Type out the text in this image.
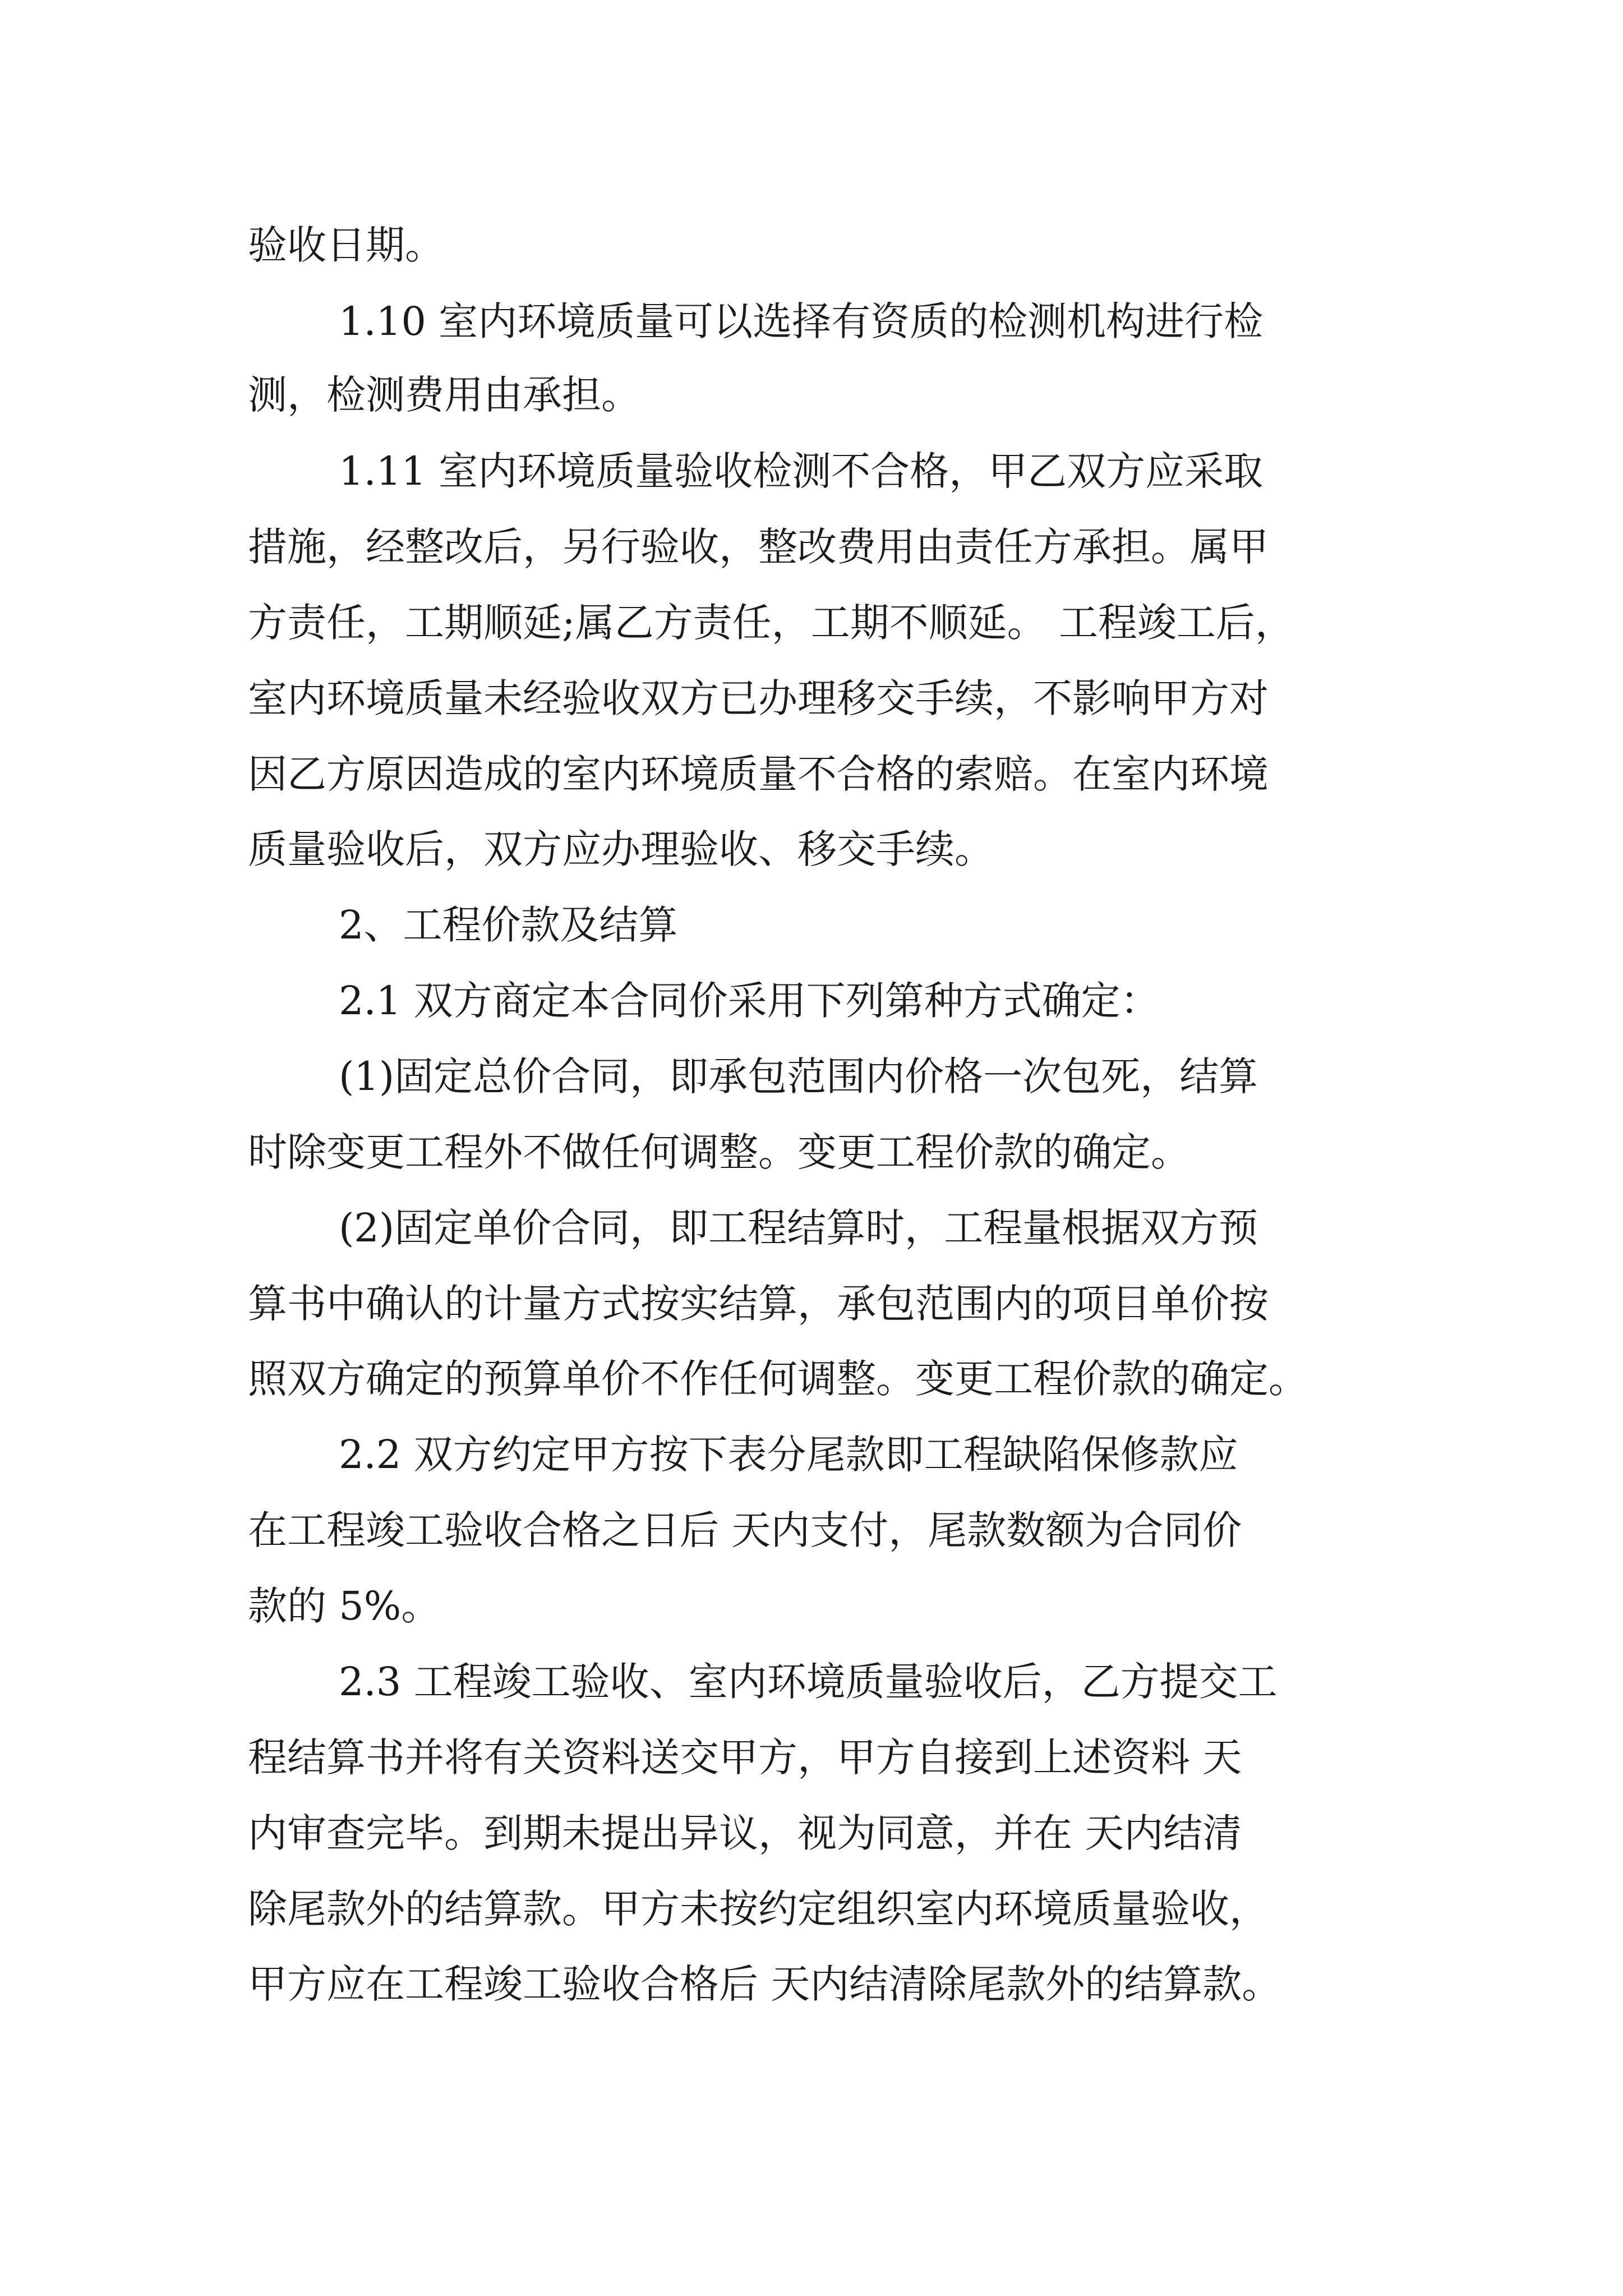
验收日期。
1.10 室内环境质量可以选择有资质的检测机构进行检
测，检测费用由承担。
1.11 室内环境质量验收检测不合格，甲乙双方应采取
措施，经整改后，另行验收，整改费用由责任方承担。属甲
方责任，工期顺延;属乙方责任，工期不顺延。 工程竣工后，
室内环境质量未经验收双方已办理移交手续，不影响甲方对
因乙方原因造成的室内环境质量不合格的索赔。在室内环境
质量验收后，双方应办理验收、移交手续。
2、工程价款及结算
2.1 双方商定本合同价采用下列第种方式确定：
(1)固定总价合同，即承包范围内价格一次包死，结算
时除变更工程外不做任何调整。变更工程价款的确定。
(2)固定单价合同，即工程结算时，工程量根据双方预
算书中确认的计量方式按实结算，承包范围内的项目单价按
照双方确定的预算单价不作任何调整。变更工程价款的确定。
2.2 双方约定甲方按下表分尾款即工程缺陷保修款应
在工程竣工验收合格之日后 天内支付，尾款数额为合同价
款的 5%。
2.3 工程竣工验收、室内环境质量验收后，乙方提交工
程结算书并将有关资料送交甲方，甲方自接到上述资料 天
内审查完毕。到期未提出异议，视为同意，并在 天内结清
除尾款外的结算款。甲方未按约定组织室内环境质量验收，
甲方应在工程竣工验收合格后 天内结清除尾款外的结算款。
